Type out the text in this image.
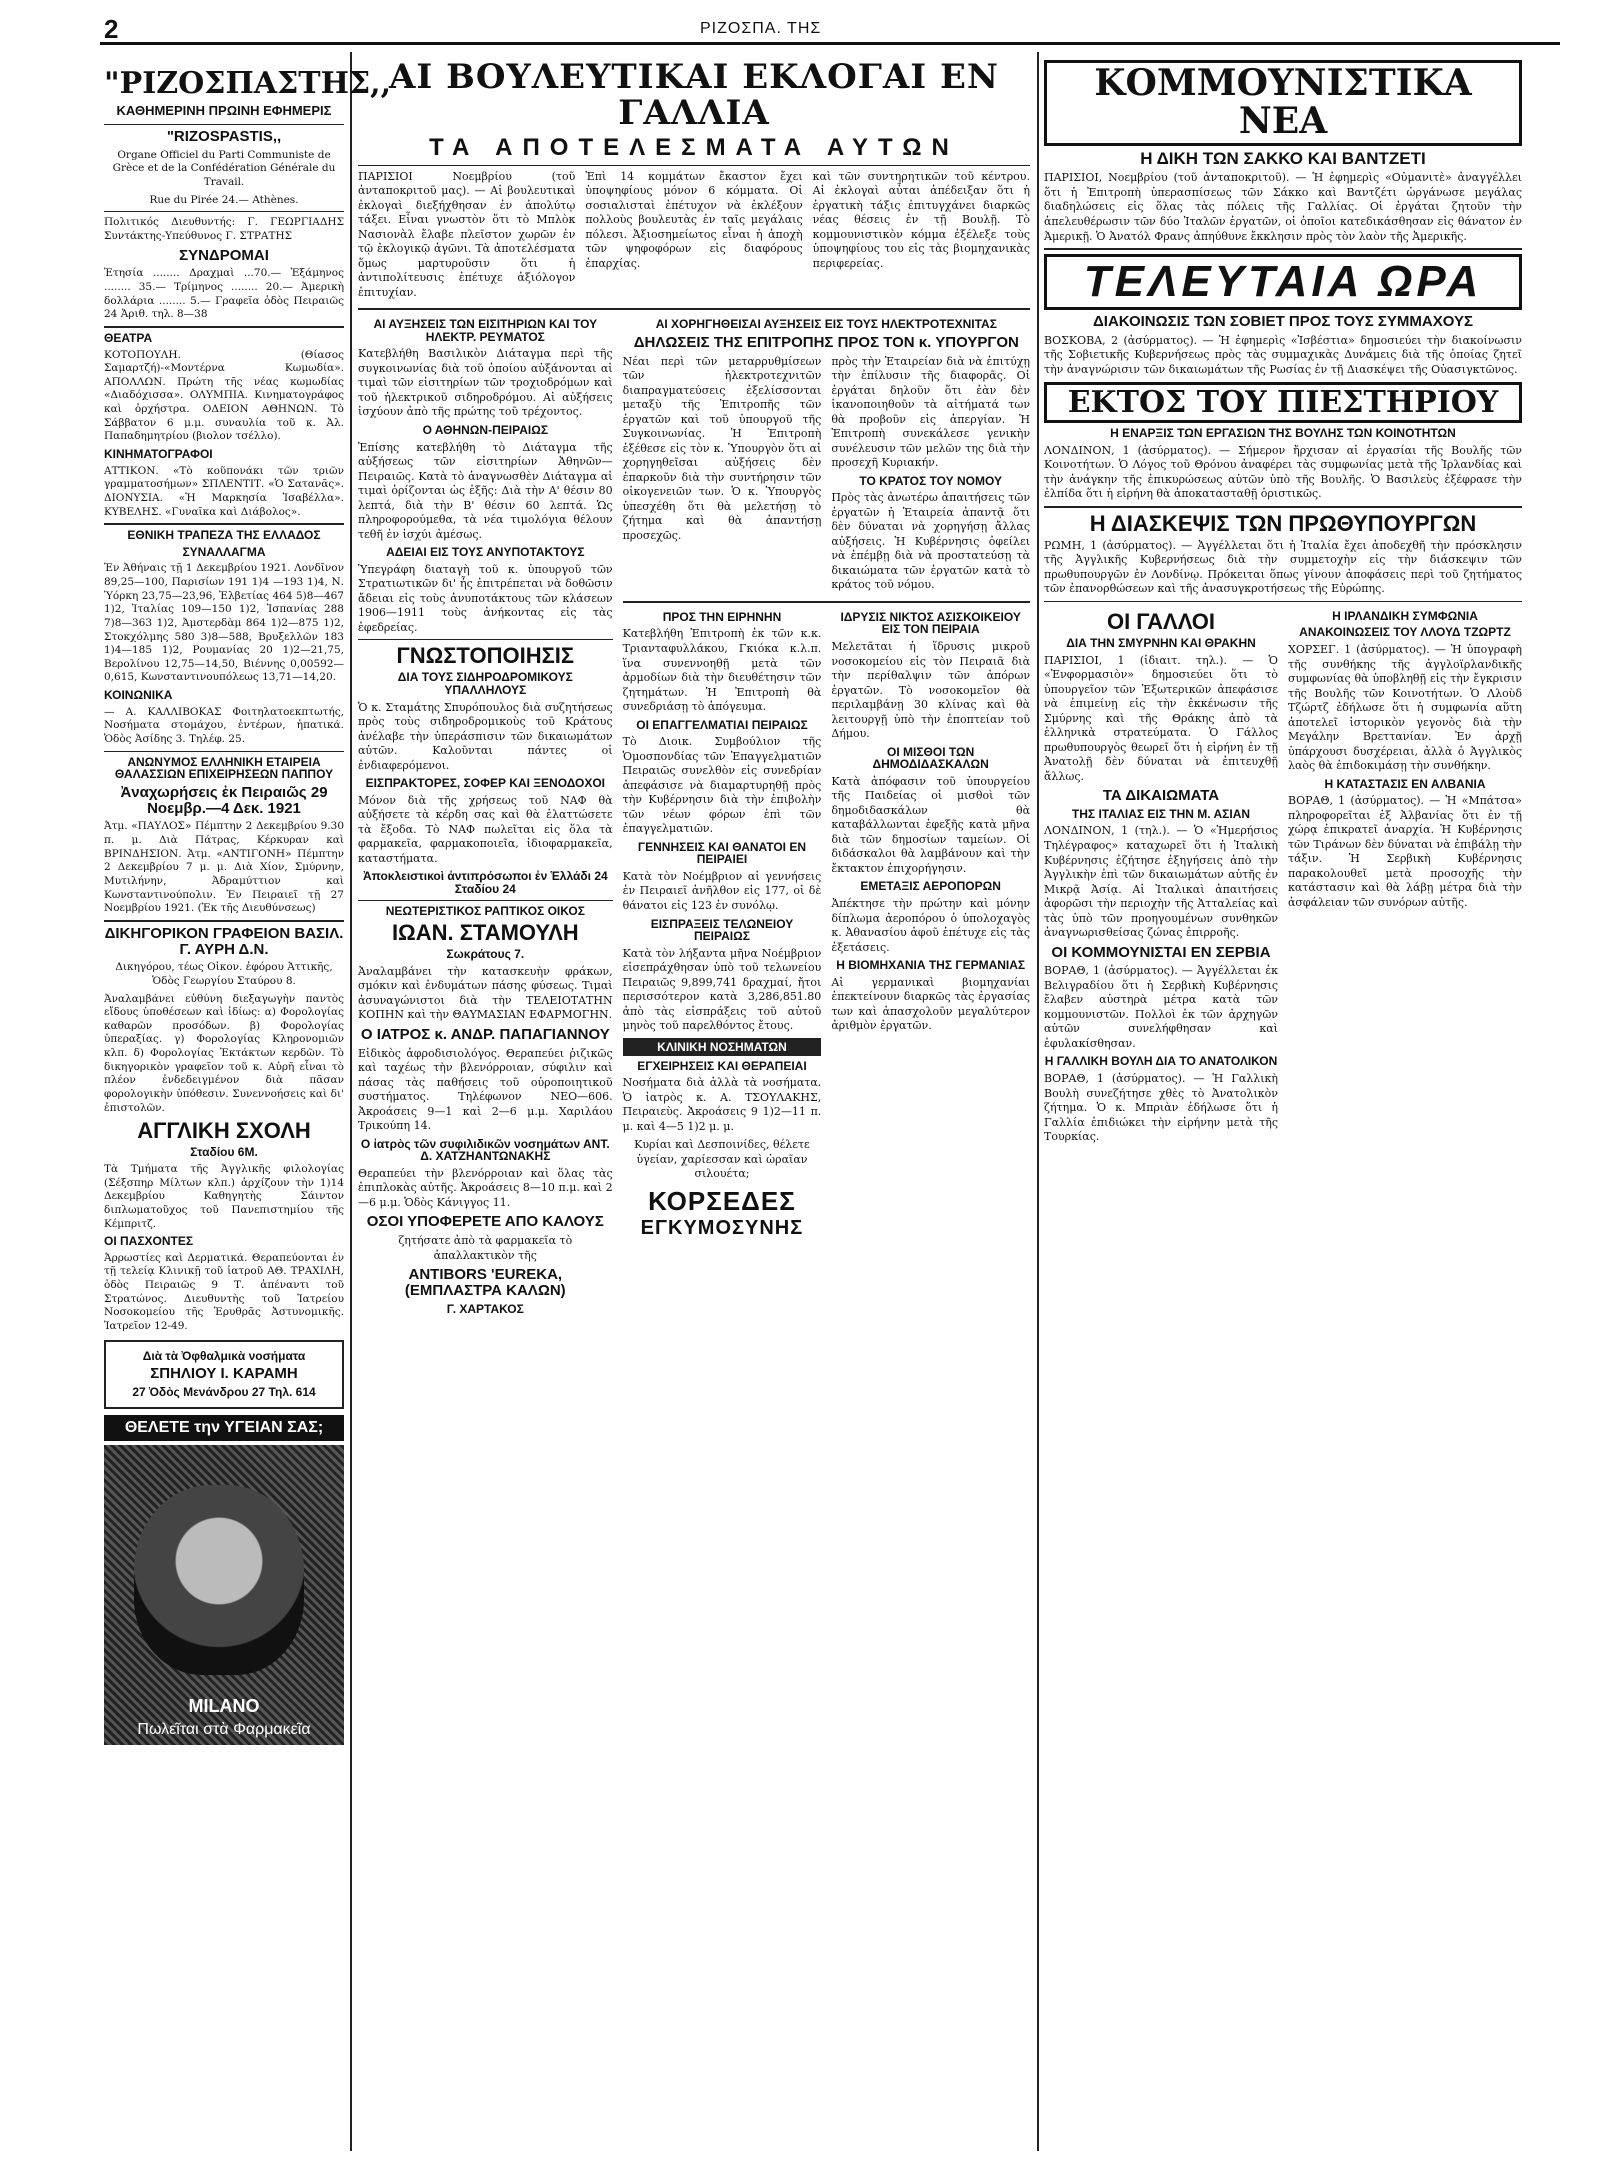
2	ΡΙΖΟΣΠΑ. ΤΗΣ
"ΡΙΖΟΣΠΑΣΤΗΣ,,
ΚΑΘΗΜΕΡΙΝΗ ΠΡΩΙΝΗ ΕΦΗΜΕΡΙΣ
"RIZOSPASTIS,,

Organe Officiel du Parti Communiste de Grèce et de la Confédération Générale du Travail.

Rue du Pirée 24.— Athènes.

Πολιτικός Διευθυντής: Γ. ΓΕΩΡΓΙΑΔΗΣ Συντάκτης-Υπεύθυνος Γ. ΣΤΡΑΤΗΣ

ΣΥΝΔΡΟΜΑΙ

Ἐτησία ........ Δραχμαὶ ...70.— Ἑξάμηνος ........ 35.— Τρίμηνος ........ 20.— Ἀμερικὴ δολλάρια ........ 5.— Γραφεῖα ὁδὸς Πειραιῶς 24 Ἀριθ. τηλ. 8—38

ΘΕΑΤΡΑ

ΚΟΤΟΠΟΥΛΗ. (Θίασος Σαμαρτζή)-«Μοντέρνα Κωμωδία». ΑΠΟΛΛΩΝ. Πρώτη τῆς νέας κωμωδίας «Διαδόχισσα». ΟΛΥΜΠΙΑ. Κινηματογράφος καὶ ὀρχήστρα. ΟΔΕΙΟΝ ΑΘΗΝΩΝ. Τὸ Σάββατον 6 μ.μ. συναυλία τοῦ κ. Ἀλ. Παπαδημητρίου (βιολον τσέλλο).

ΚΙΝΗΜΑΤΟΓΡΑΦΟΙ

ΑΤΤΙΚΟΝ. «Τὸ κοῦπονάκι τῶν τριῶν γραμματοσήμων» ΣΠΛΕΝΤΙΤ. «Ὁ Σατανᾶς». ΔΙΟΝΥΣΙΑ. «Ἡ Μαρκησία Ἰσαβέλλα». ΚΥΒΕΛΗΣ. «Γυναῖκα καὶ Διάβολος».

ΕΘΝΙΚΗ ΤΡΑΠΕΖΑ ΤΗΣ ΕΛΛΑΔΟΣ
ΣΥΝΑΛΛΑΓΜΑ

Ἐν Ἀθήναις τῇ 1 Δεκεμβρίου 1921. Λονδῖνον 89,25—100, Παρισίων 191 1)4 —193 1)4, Ν. Ὑόρκη 23,75—23,96, Ἑλβετίας 464 5)8—467 1)2, Ἰταλίας 109—150 1)2, Ἰσπανίας 288 7)8—363 1)2, Ἀμστερδὰμ 864 1)2—875 1)2, Στοκχόλμης 580 3)8—588, Βρυξελλῶν 183 1)4—185 1)2, Ρουμανίας 20 1)2—21,75, Βερολίνου 12,75—14,50, Βιέννης 0,00592—0,615, Κωνσταντινουπόλεως 13,71—14,20.

ΚΟΙΝΩΝΙΚΑ

— Α. ΚΑΛΛΙΒΟΚΑΣ Φοιτηλατοεκπτωτής, Νοσήματα στομάχου, ἐντέρων, ἡπατικά. Ὁδὸς Ἀσίδης 3. Τηλέφ. 25.

ΑΝΩΝΥΜΟΣ ΕΛΛΗΝΙΚΗ ΕΤΑΙΡΕΙΑ ΘΑΛΑΣΣΙΩΝ ΕΠΙΧΕΙΡΗΣΕΩΝ ΠΑΠΠΟΥ
Ἀναχωρήσεις ἐκ Πειραιῶς 29 Νοεμβρ.—4 Δεκ. 1921

Ἀτμ. «ΠΑΥΛΟΣ» Πέμπτην 2 Δεκεμβρίου 9.30 π. μ. Διὰ Πάτρας, Κέρκυραν καὶ ΒΡΙΝΔΗΣΙΟΝ. Ἀτμ. «ΑΝΤΙΓΟΝΗ» Πέμπτην 2 Δεκεμβρίου 7 μ. μ. Διὰ Χίον, Σμύρνην, Μυτιλήνην, Ἀδραμύττιον καὶ Κωνσταντινούπολιν. Ἐν Πειραιεῖ τῇ 27 Νοεμβρίου 1921. (Ἐκ τῆς Διευθύνσεως)

ΔΙΚΗΓΟΡΙΚΟΝ ΓΡΑΦΕΙΟΝ ΒΑΣΙΛ. Γ. ΑΥΡΗ Δ.Ν.

Δικηγόρου, τέως Οἰκον. ἐφόρου Ἀττικῆς, Ὁδὸς Γεωργίου Σταύρου 8.

Ἀναλαμβάνει εὐθύνη διεξαγωγὴν παντὸς εἴδους ὑποθέσεων καὶ ἰδίως: α) Φορολογίας καθαρῶν προσόδων. β) Φορολογίας ὑπεραξίας. γ) Φορολογίας Κληρονομιῶν κλπ. δ) Φορολογίας Ἐκτάκτων κερδῶν. Τὸ δικηγορικὸν γραφεῖον τοῦ κ. Αὐρῆ εἶναι τὸ πλέον ἐνδεδειγμένον διὰ πᾶσαν φορολογικὴν ὑπόθεσιν. Συνεννοήσεις καὶ δι' ἐπιστολῶν.

ΑΓΓΛΙΚΗ ΣΧΟΛΗ
Σταδίου 6Μ.

Τὰ Τμήματα τῆς Ἀγγλικῆς φιλολογίας (Σέξσπηρ Μίλτων κλπ.) ἀρχίζουν τὴν 1)14 Δεκεμβρίου Καθηγητὴς Σάιντον διπλωματοῦχος τοῦ Πανεπιστημίου τῆς Κέμπριτζ.

ΟΙ ΠΑΣΧΟΝΤΕΣ

Ἀρρωστίες καὶ Δερματικά. Θεραπεύονται ἐν τῇ τελείᾳ Κλινικῇ τοῦ ἰατροῦ ΑΘ. ΤΡΑΧΙΛΗ, ὁδὸς Πειραιῶς 9 Τ. ἀπέναντι τοῦ Στρατώνος. Διευθυντὴς τοῦ Ἰατρείου Νοσοκομείου τῆς Ἐρυθρᾶς Ἀστυνομικῆς. Ἰατρεῖον 12-49.

Διὰ τὰ Ὀφθαλμικὰ νοσήματα
ΣΠΗΛΙΟΥ Ι. ΚΑΡΑΜΗ
27 Ὁδὸς Μενάνδρου 27 Τηλ. 614
ΘΕΛΕΤΕ την ΥΓΕΙΑΝ ΣΑΣ;
MILANO
Πωλεῖται στὰ Φαρμακεῖα
ΑΙ ΒΟΥΛΕΥΤΙΚΑΙ ΕΚΛΟΓΑΙ ΕΝ ΓΑΛΛΙΑ
ΤΑ ΑΠΟΤΕΛΕΣΜΑΤΑ ΑΥΤΩΝ

ΠΑΡΙΣΙΟΙ Νοεμβρίου (τοῦ ἀνταποκριτοῦ μας). — Αἱ βουλευτικαὶ ἐκλογαὶ διεξήχθησαν ἐν ἀπολύτῳ τάξει. Εἶναι γνωστὸν ὅτι τὸ Μπλὸκ Νασιονὰλ ἔλαβε πλεῖστον χωρῶν ἐν τῷ ἐκλογικῷ ἀγῶνι. Τὰ ἀποτελέσματα ὅμως μαρτυροῦσιν ὅτι ἡ ἀντιπολίτευσις ἐπέτυχε ἀξιόλογον ἐπιτυχίαν.

Ἐπὶ 14 κομμάτων ἔκαστον ἔχει ὑποψηφίους μόνον 6 κόμματα. Οἱ σοσιαλισταὶ ἐπέτυχον νὰ ἐκλέξουν πολλοὺς βουλευτὰς ἐν ταῖς μεγάλαις πόλεσι. Ἀξιοσημείωτος εἶναι ἡ ἀποχὴ τῶν ψηφοφόρων εἰς διαφόρους ἐπαρχίας.

καὶ τῶν συντηρητικῶν τοῦ κέντρου. Αἱ ἐκλογαὶ αὗται ἀπέδειξαν ὅτι ἡ ἐργατικὴ τάξις ἐπιτυγχάνει διαρκῶς νέας θέσεις ἐν τῇ Βουλῇ. Τὸ κομμουνιστικὸν κόμμα ἐξέλεξε τοὺς ὑποψηφίους του εἰς τὰς βιομηχανικὰς περιφερείας.

ΑΙ ΑΥΞΗΣΕΙΣ ΤΩΝ ΕΙΣΙΤΗΡΙΩΝ ΚΑΙ ΤΟΥ ΗΛΕΚΤΡ. ΡΕΥΜΑΤΟΣ

Κατεβλήθη Βασιλικὸν Διάταγμα περὶ τῆς συγκοινωνίας διὰ τοῦ ὁποίου αὐξάνονται αἱ τιμαὶ τῶν εἰσιτηρίων τῶν τροχιοδρόμων καὶ τοῦ ἠλεκτρικοῦ σιδηροδρόμου. Αἱ αὐξήσεις ἰσχύουν ἀπὸ τῆς πρώτης τοῦ τρέχοντος.

Ο ΑΘΗΝΩΝ-ΠΕΙΡΑΙΩΣ

Ἐπίσης κατεβλήθη τὸ Διάταγμα τῆς αὐξήσεως τῶν εἰσιτηρίων Ἀθηνῶν—Πειραιῶς. Κατὰ τὸ ἀναγνωσθὲν Διάταγμα αἱ τιμαὶ ὁρίζονται ὡς ἑξῆς: Διὰ τὴν Α' θέσιν 80 λεπτά, διὰ τὴν Β' θέσιν 60 λεπτά. Ὡς πληροφορούμεθα, τὰ νέα τιμολόγια θέλουν τεθῆ ἐν ἰσχύι ἀμέσως.

ΑΔΕΙΑΙ ΕΙΣ ΤΟΥΣ ΑΝΥΠΟΤΑΚΤΟΥΣ

Ὑπεγράφη διαταγὴ τοῦ κ. ὑπουργοῦ τῶν Στρατιωτικῶν δι' ἧς ἐπιτρέπεται νὰ δοθῶσιν ἄδειαι εἰς τοὺς ἀνυποτάκτους τῶν κλάσεων 1906—1911 τοὺς ἀνήκοντας εἰς τὰς ἐφεδρείας.

ΓΝΩΣΤΟΠΟΙΗΣΙΣ
ΔΙΑ ΤΟΥΣ ΣΙΔΗΡΟΔΡΟΜΙΚΟΥΣ ΥΠΑΛΛΗΛΟΥΣ

Ὁ κ. Σταμάτης Σπυρόπουλος διὰ συζητήσεως πρὸς τοὺς σιδηροδρομικοὺς τοῦ Κράτους ἀνέλαβε τὴν ὑπεράσπισιν τῶν δικαιωμάτων αὐτῶν. Καλοῦνται πάντες οἱ ἐνδιαφερόμενοι.

ΕΙΣΠΡΑΚΤΟΡΕΣ, ΣΟΦΕΡ ΚΑΙ ΞΕΝΟΔΟΧΟΙ

Μόνον διὰ τῆς χρήσεως τοῦ ΝΑΦ θὰ αὐξήσετε τὰ κέρδη σας καὶ θὰ ἐλαττώσετε τὰ ἔξοδα. Τὸ ΝΑΦ πωλεῖται εἰς ὅλα τὰ φαρμακεῖα, φαρμακοποιεῖα, ἰδιοφαρμακεῖα, καταστήματα.

Ἀποκλειστικοὶ ἀντιπρόσωποι ἐν Ἑλλάδι 24 Σταδίου 24
ΝΕΩΤΕΡΙΣΤΙΚΟΣ ΡΑΠΤΙΚΟΣ ΟΙΚΟΣ
ΙΩΑΝ. ΣΤΑΜΟΥΛΗ
Σωκράτους 7.

Ἀναλαμβάνει τὴν κατασκευὴν φράκων, σμόκιν καὶ ἐνδυμάτων πάσης φύσεως. Τιμαὶ ἀσυναγώνιστοι διὰ τὴν ΤΕΛΕΙΟΤΑΤΗΝ ΚΟΠΗΝ καὶ τὴν ΘΑΥΜΑΣΙΑΝ ΕΦΑΡΜΟΓΗΝ.

Ο ΙΑΤΡΟΣ κ. ΑΝΔΡ. ΠΑΠΑΓΙΑΝΝΟΥ

Εἰδικὸς ἀφροδισιολόγος. Θεραπεύει ῥιζικῶς καὶ ταχέως τὴν βλενόρροιαν, σύφιλιν καὶ πάσας τὰς παθήσεις τοῦ οὐροποιητικοῦ συστήματος. Τηλέφωνον ΝΕΟ—606. Ἀκροάσεις 9—1 καὶ 2—6 μ.μ. Χαριλάου Τρικούπη 14.

Ο ἰατρὸς τῶν συφιλιδικῶν νοσημάτων ΑΝΤ. Δ. ΧΑΤΖΗΑΝΤΩΝΑΚΗΣ

Θεραπεύει τὴν βλενόρροιαν καὶ ὅλας τὰς ἐπιπλοκὰς αὐτῆς. Ἀκροάσεις 8—10 π.μ. καὶ 2—6 μ.μ. Ὁδὸς Κάνιγγος 11.

ΟΣΟΙ ΥΠΟΦΕΡΕΤΕ ΑΠΟ ΚΑΛΟΥΣ

ζητήσατε ἀπὸ τὰ φαρμακεῖα τὸ ἀπαλλακτικὸν τῆς

ANTIBORS 'EUREKA, (ΕΜΠΛΑΣΤΡΑ ΚΑΛΩΝ)
Γ. ΧΑΡΤΑΚΟΣ
ΑΙ ΧΟΡΗΓΗΘΕΙΣΑΙ ΑΥΞΗΣΕΙΣ ΕΙΣ ΤΟΥΣ ΗΛΕΚΤΡΟΤΕΧΝΙΤΑΣ
ΔΗΛΩΣΕΙΣ ΤΗΣ ΕΠΙΤΡΟΠΗΣ ΠΡΟΣ ΤΟΝ κ. ΥΠΟΥΡΓΟΝ

Νέαι περὶ τῶν μεταρρυθμίσεων τῶν ἠλεκτροτεχνιτῶν διαπραγματεύσεις ἐξελίσσονται μεταξὺ τῆς Ἐπιτροπῆς τῶν ἐργατῶν καὶ τοῦ ὑπουργοῦ τῆς Συγκοινωνίας. Ἡ Ἐπιτροπὴ ἐξέθεσε εἰς τὸν κ. Ὑπουργὸν ὅτι αἱ χορηγηθεῖσαι αὐξήσεις δὲν ἐπαρκοῦν διὰ τὴν συντήρησιν τῶν οἰκογενειῶν των. Ὁ κ. Ὑπουργὸς ὑπεσχέθη ὅτι θὰ μελετήσῃ τὸ ζήτημα καὶ θὰ ἀπαντήσῃ προσεχῶς.

πρὸς τὴν Ἑταιρείαν διὰ νὰ ἐπιτύχῃ τὴν ἐπίλυσιν τῆς διαφορᾶς. Οἱ ἐργάται δηλοῦν ὅτι ἐὰν δὲν ἱκανοποιηθοῦν τὰ αἰτήματά των θὰ προβοῦν εἰς ἀπεργίαν. Ἡ Ἐπιτροπὴ συνεκάλεσε γενικὴν συνέλευσιν τῶν μελῶν της διὰ τὴν προσεχῆ Κυριακήν.

ΤΟ ΚΡΑΤΟΣ ΤΟΥ ΝΟΜΟΥ

Πρὸς τὰς ἀνωτέρω ἀπαιτήσεις τῶν ἐργατῶν ἡ Ἑταιρεία ἀπαντᾷ ὅτι δὲν δύναται νὰ χορηγήσῃ ἄλλας αὐξήσεις. Ἡ Κυβέρνησις ὀφείλει νὰ ἐπέμβῃ διὰ νὰ προστατεύσῃ τὰ δικαιώματα τῶν ἐργατῶν κατὰ τὸ κράτος τοῦ νόμου.

ΠΡΟΣ ΤΗΝ ΕΙΡΗΝΗΝ

Κατεβλήθη Ἐπιτροπὴ ἐκ τῶν κ.κ. Τριανταφυλλάκου, Γκιόκα κ.λ.π. ἵνα συνεννοηθῇ μετὰ τῶν ἀρμοδίων διὰ τὴν διευθέτησιν τῶν ζητημάτων. Ἡ Ἐπιτροπὴ θὰ συνεδριάσῃ τὸ ἀπόγευμα.

ΟΙ ΕΠΑΓΓΕΛΜΑΤΙΑΙ ΠΕΙΡΑΙΩΣ

Τὸ Διοικ. Συμβούλιον τῆς Ὁμοσπονδίας τῶν Ἐπαγγελματιῶν Πειραιῶς συνελθὸν εἰς συνεδρίαν ἀπεφάσισε νὰ διαμαρτυρηθῇ πρὸς τὴν Κυβέρνησιν διὰ τὴν ἐπιβολὴν τῶν νέων φόρων ἐπὶ τῶν ἐπαγγελματιῶν.

ΓΕΝΝΗΣΕΙΣ ΚΑΙ ΘΑΝΑΤΟΙ ΕΝ ΠΕΙΡΑΙΕΙ

Κατὰ τὸν Νοέμβριον αἱ γεννήσεις ἐν Πειραιεῖ ἀνῆλθον εἰς 177, οἱ δὲ θάνατοι εἰς 123 ἐν συνόλῳ.

ΕΙΣΠΡΑΞΕΙΣ ΤΕΛΩΝΕΙΟΥ ΠΕΙΡΑΙΩΣ

Κατὰ τὸν λήξαντα μῆνα Νοέμβριον εἰσεπράχθησαν ὑπὸ τοῦ τελωνείου Πειραιῶς 9,899,741 δραχμαί, ἤτοι περισσότερον κατὰ 3,286,851.80 ἀπὸ τὰς εἰσπράξεις τοῦ αὐτοῦ μηνὸς τοῦ παρελθόντος ἔτους.

ΚΛΙΝΙΚΗ ΝΟΣΗΜΑΤΩΝ
ΕΓΧΕΙΡΗΣΕΙΣ ΚΑΙ ΘΕΡΑΠΕΙΑΙ

Νοσήματα διὰ ἀλλὰ τὰ νοσήματα. Ὁ ἰατρὸς κ. Α. ΤΣΟΥΛΑΚΗΣ, Πειραιεὺς. Ἀκροάσεις 9 1)2—11 π. μ. καὶ 4—5 1)2 μ. μ.

Κυρίαι καὶ Δεσποινίδες, θέλετε ὑγείαν, χαρίεσσαν καὶ ὡραῖαν σιλουέτα;

ΚΟΡΣΕΔΕΣ
ΕΓΚΥΜΟΣΥΝΗΣ
ΙΔΡΥΣΙΣ ΝΙΚΤΟΣ ΑΣΙΣΚΟΙΚΕΙΟΥ ΕΙΣ ΤΟΝ ΠΕΙΡΑΙΑ

Μελετᾶται ἡ ἵδρυσις μικροῦ νοσοκομείου εἰς τὸν Πειραιᾶ διὰ τὴν περίθαλψιν τῶν ἀπόρων ἐργατῶν. Τὸ νοσοκομεῖον θὰ περιλαμβάνῃ 30 κλίνας καὶ θὰ λειτουργῇ ὑπὸ τὴν ἐποπτείαν τοῦ Δήμου.

ΟΙ ΜΙΣΘΟΙ ΤΩΝ ΔΗΜΟΔΙΔΑΣΚΑΛΩΝ

Κατὰ ἀπόφασιν τοῦ ὑπουργείου τῆς Παιδείας οἱ μισθοὶ τῶν δημοδιδασκάλων θὰ καταβάλλωνται ἐφεξῆς κατὰ μῆνα διὰ τῶν δημοσίων ταμείων. Οἱ διδάσκαλοι θὰ λαμβάνουν καὶ τὴν ἔκτακτον ἐπιχορήγησιν.

ΕΜΕΤΑΞΙΣ ΑΕΡΟΠΟΡΩΝ

Ἀπέκτησε τὴν πρώτην καὶ μόνην δίπλωμα ἀεροπόρου ὁ ὑπολοχαγὸς κ. Ἀθανασίου ἀφοῦ ἐπέτυχε εἰς τὰς ἐξετάσεις.

Η ΒΙΟΜΗΧΑΝΙΑ ΤΗΣ ΓΕΡΜΑΝΙΑΣ

Αἱ γερμανικαὶ βιομηχανίαι ἐπεκτείνουν διαρκῶς τὰς ἐργασίας των καὶ ἀπασχολοῦν μεγαλύτερον ἀριθμὸν ἐργατῶν.

ΚΟΜΜΟΥΝΙΣΤΙΚΑ ΝΕΑ
Η ΔΙΚΗ ΤΩΝ ΣΑΚΚΟ ΚΑΙ ΒΑΝΤΖΕΤΙ

ΠΑΡΙΣΙΟΙ, Νοεμβρίου (τοῦ ἀνταποκριτοῦ). — Ἡ ἐφημερὶς «Οὐμανιτὲ» ἀναγγέλλει ὅτι ἡ Ἐπιτροπὴ ὑπερασπίσεως τῶν Σάκκο καὶ Βαντζέτι ὠργάνωσε μεγάλας διαδηλώσεις εἰς ὅλας τὰς πόλεις τῆς Γαλλίας. Οἱ ἐργάται ζητοῦν τὴν ἀπελευθέρωσιν τῶν δύο Ἰταλῶν ἐργατῶν, οἱ ὁποῖοι κατεδικάσθησαν εἰς θάνατον ἐν Ἀμερικῇ. Ὁ Ἀνατόλ Φρανς ἀπηύθυνε ἔκκλησιν πρὸς τὸν λαὸν τῆς Ἀμερικῆς.

ΤΕΛΕΥΤΑΙΑ ΩΡΑ
ΔΙΑΚΟΙΝΩΣΙΣ ΤΩΝ ΣΟΒΙΕΤ ΠΡΟΣ ΤΟΥΣ ΣΥΜΜΑΧΟΥΣ

ΒΟΣΚΟΒΑ, 2 (ἀσύρματος). — Ἡ ἐφημερὶς «Ἰσβέστια» δημοσιεύει τὴν διακοίνωσιν τῆς Σοβιετικῆς Κυβερνήσεως πρὸς τὰς συμμαχικὰς Δυνάμεις διὰ τῆς ὁποίας ζητεῖ τὴν ἀναγνώρισιν τῶν δικαιωμάτων τῆς Ρωσίας ἐν τῇ Διασκέψει τῆς Οὐασιγκτῶνος.

ΕΚΤΟΣ ΤΟΥ ΠΙΕΣΤΗΡΙΟΥ
Η ΕΝΑΡΞΙΣ ΤΩΝ ΕΡΓΑΣΙΩΝ ΤΗΣ ΒΟΥΛΗΣ ΤΩΝ ΚΟΙΝΟΤΗΤΩΝ

ΛΟΝΔΙΝΟΝ, 1 (ἀσύρματος). — Σήμερον ἤρχισαν αἱ ἐργασίαι τῆς Βουλῆς τῶν Κοινοτήτων. Ὁ Λόγος τοῦ Θρόνου ἀναφέρει τὰς συμφωνίας μετὰ τῆς Ἰρλανδίας καὶ τὴν ἀνάγκην τῆς ἐπικυρώσεως αὐτῶν ὑπὸ τῆς Βουλῆς. Ὁ Βασιλεὺς ἐξέφρασε τὴν ἐλπίδα ὅτι ἡ εἰρήνη θὰ ἀποκατασταθῇ ὁριστικῶς.

Η ΔΙΑΣΚΕΨΙΣ ΤΩΝ ΠΡΩΘΥΠΟΥΡΓΩΝ

ΡΩΜΗ, 1 (ἀσύρματος). — Ἀγγέλλεται ὅτι ἡ Ἰταλία ἔχει ἀποδεχθῆ τὴν πρόσκλησιν τῆς Ἀγγλικῆς Κυβερνήσεως διὰ τὴν συμμετοχὴν εἰς τὴν διάσκεψιν τῶν πρωθυπουργῶν ἐν Λονδίνῳ. Πρόκειται ὅπως γίνουν ἀποφάσεις περὶ τοῦ ζητήματος τῶν ἐπανορθώσεων καὶ τῆς ἀνασυγκροτήσεως τῆς Εὐρώπης.

ΟΙ ΓΑΛΛΟΙ
ΔΙΑ ΤΗΝ ΣΜΥΡΝΗΝ ΚΑΙ ΘΡΑΚΗΝ

ΠΑΡΙΣΙΟΙ, 1 (ἰδιαιτ. τηλ.). — Ὁ «Ἐνφορμασιὸν» δημοσιεύει ὅτι τὸ ὑπουργεῖον τῶν Ἐξωτερικῶν ἀπεφάσισε νὰ ἐπιμείνῃ εἰς τὴν ἐκκένωσιν τῆς Σμύρνης καὶ τῆς Θράκης ἀπὸ τὰ ἑλληνικὰ στρατεύματα. Ὁ Γάλλος πρωθυπουργὸς θεωρεῖ ὅτι ἡ εἰρήνη ἐν τῇ Ἀνατολῇ δὲν δύναται νὰ ἐπιτευχθῇ ἄλλως.

ΤΑ ΔΙΚΑΙΩΜΑΤΑ
ΤΗΣ ΙΤΑΛΙΑΣ ΕΙΣ ΤΗΝ Μ. ΑΣΙΑΝ

ΛΟΝΔΙΝΟΝ, 1 (τηλ.). — Ὁ «Ἡμερήσιος Τηλέγραφος» καταχωρεῖ ὅτι ἡ Ἰταλικὴ Κυβέρνησις ἐζήτησε ἐξηγήσεις ἀπὸ τὴν Ἀγγλικὴν ἐπὶ τῶν δικαιωμάτων αὐτῆς ἐν Μικρᾷ Ἀσίᾳ. Αἱ Ἰταλικαὶ ἀπαιτήσεις ἀφορῶσι τὴν περιοχὴν τῆς Ἀτταλείας καὶ τὰς ὑπὸ τῶν προηγουμένων συνθηκῶν ἀναγνωρισθείσας ζώνας ἐπιρροῆς.

ΟΙ ΚΟΜΜΟΥΝΙΣΤΑΙ ΕΝ ΣΕΡΒΙΑ

ΒΟΡΑΘ, 1 (ἀσύρματος). — Ἀγγέλλεται ἐκ Βελιγραδίου ὅτι ἡ Σερβικὴ Κυβέρνησις ἔλαβεν αὐστηρὰ μέτρα κατὰ τῶν κομμουνιστῶν. Πολλοὶ ἐκ τῶν ἀρχηγῶν αὐτῶν συνελήφθησαν καὶ ἐφυλακίσθησαν.

Η ΓΑΛΛΙΚΗ ΒΟΥΛΗ ΔΙΑ ΤΟ ΑΝΑΤΟΛΙΚΟΝ

ΒΟΡΑΘ, 1 (ἀσύρματος). — Ἡ Γαλλικὴ Βουλὴ συνεζήτησε χθὲς τὸ Ἀνατολικὸν ζήτημα. Ὁ κ. Μπριὰν ἐδήλωσε ὅτι ἡ Γαλλία ἐπιδιώκει τὴν εἰρήνην μετὰ τῆς Τουρκίας.

Η ΙΡΛΑΝΔΙΚΗ ΣΥΜΦΩΝΙΑ
ΑΝΑΚΟΙΝΩΣΕΙΣ ΤΟΥ ΛΛΟΥΔ ΤΖΩΡΤΖ

ΧΟΡΣΕΓ. 1 (ἀσύρματος). — Ἡ ὑπογραφὴ τῆς συνθήκης τῆς ἀγγλοϊρλανδικῆς συμφωνίας θὰ ὑποβληθῇ εἰς τὴν ἔγκρισιν τῆς Βουλῆς τῶν Κοινοτήτων. Ὁ Λλοὺδ Τζώρτζ ἐδήλωσε ὅτι ἡ συμφωνία αὕτη ἀποτελεῖ ἱστορικὸν γεγονὸς διὰ τὴν Μεγάλην Βρεττανίαν. Ἐν ἀρχῇ ὑπάρχουσι δυσχέρειαι, ἀλλὰ ὁ Ἀγγλικὸς λαὸς θὰ ἐπιδοκιμάσῃ τὴν συνθήκην.

Η ΚΑΤΑΣΤΑΣΙΣ ΕΝ ΑΛΒΑΝΙΑ

ΒΟΡΑΘ, 1 (ἀσύρματος). — Ἡ «Μπάτσα» πληροφορεῖται ἐξ Ἀλβανίας ὅτι ἐν τῇ χώρᾳ ἐπικρατεῖ ἀναρχία. Ἡ Κυβέρνησις τῶν Τιράνων δὲν δύναται νὰ ἐπιβάλῃ τὴν τάξιν. Ἡ Σερβικὴ Κυβέρνησις παρακολουθεῖ μετὰ προσοχῆς τὴν κατάστασιν καὶ θὰ λάβῃ μέτρα διὰ τὴν ἀσφάλειαν τῶν συνόρων αὐτῆς.
